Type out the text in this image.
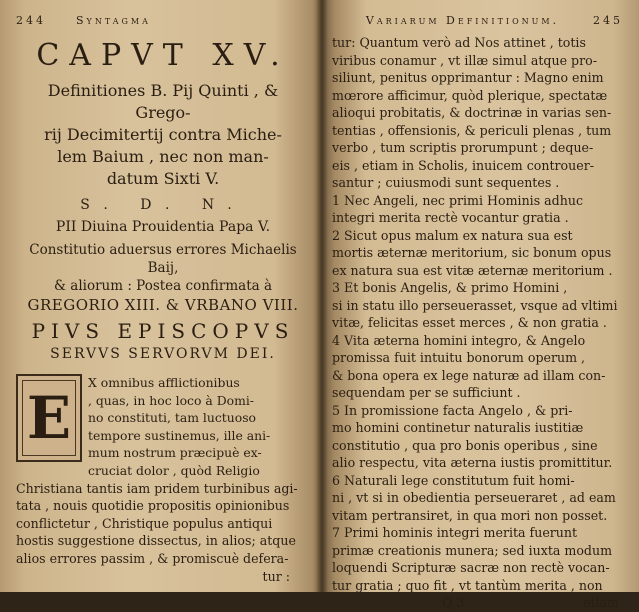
244	Syntagma
CAPVT XV.
Definitiones B. Pij Quinti , & Grego-
rij Decimitertij contra Miche-
lem Baium , nec non man-
datum Sixti V.
S. D. N.
PII Diuina Prouidentia Papa V.
Constitutio aduersus errores Michaelis Baij,
& aliorum : Postea confirmata à
GREGORIO XIII. & VRBANO VIII.
PIVS EPISCOPVS
SERVVS SERVORVM DEI.
E
X omnibus afflictionibus
, quas, in hoc loco à Domi-
no constituti, tam luctuoso
tempore sustinemus, ille ani-
mum nostrum præcipuè ex-
cruciat dolor , quòd Religio
Christiana tantis iam pridem turbinibus agi-
tata , nouis quotidie propositis opinionibus
conflictetur , Christique populus antiqui
hostis suggestione dissectus, in alios; atque
alios errores passim , & promiscuè defera-
tur :
Variarum Definitionum.	245
tur: Quantum verò ad Nos attinet , totis
viribus conamur , vt illæ simul atque pro-
siliunt, penitus opprimantur : Magno enim
mœrore afficimur, quòd plerique, spectatæ
alioqui probitatis, & doctrinæ in varias sen-
tentias , offensionis, & periculi plenas , tum
verbo , tum scriptis prorumpunt ; deque-
eis , etiam in Scholis, inuicem controuer-
santur ; cuiusmodi sunt sequentes .
1 Nec Angeli, nec primi Hominis adhuc
integri merita rectè vocantur gratia .
2 Sicut opus malum ex natura sua est
mortis æternæ meritorium, sic bonum opus
ex natura sua est vitæ æternæ meritorium .
3 Et bonis Angelis, & primo Homini ,
si in statu illo perseuerasset, vsque ad vltimi
vitæ, felicitas esset merces , & non gratia .
4 Vita æterna homini integro, & Angelo
promissa fuit intuitu bonorum operum ,
& bona opera ex lege naturæ ad illam con-
sequendam per se sufficiunt .
5 In promissione facta Angelo , & pri-
mo homini continetur naturalis iustitiæ
constitutio , qua pro bonis operibus , sine
alio respectu, vita æterna iustis promittitur.
6 Naturali lege constitutum fuit homi-
ni , vt si in obedientia perseueraret , ad eam
vitam pertransiret, in qua mori non posset.
7 Primi hominis integri merita fuerunt
primæ creationis munera; sed iuxta modum
loquendi Scripturæ sacræ non rectè vocan-
tur gratia ; quo fit , vt tantùm merita , non
Q 3	etiam
